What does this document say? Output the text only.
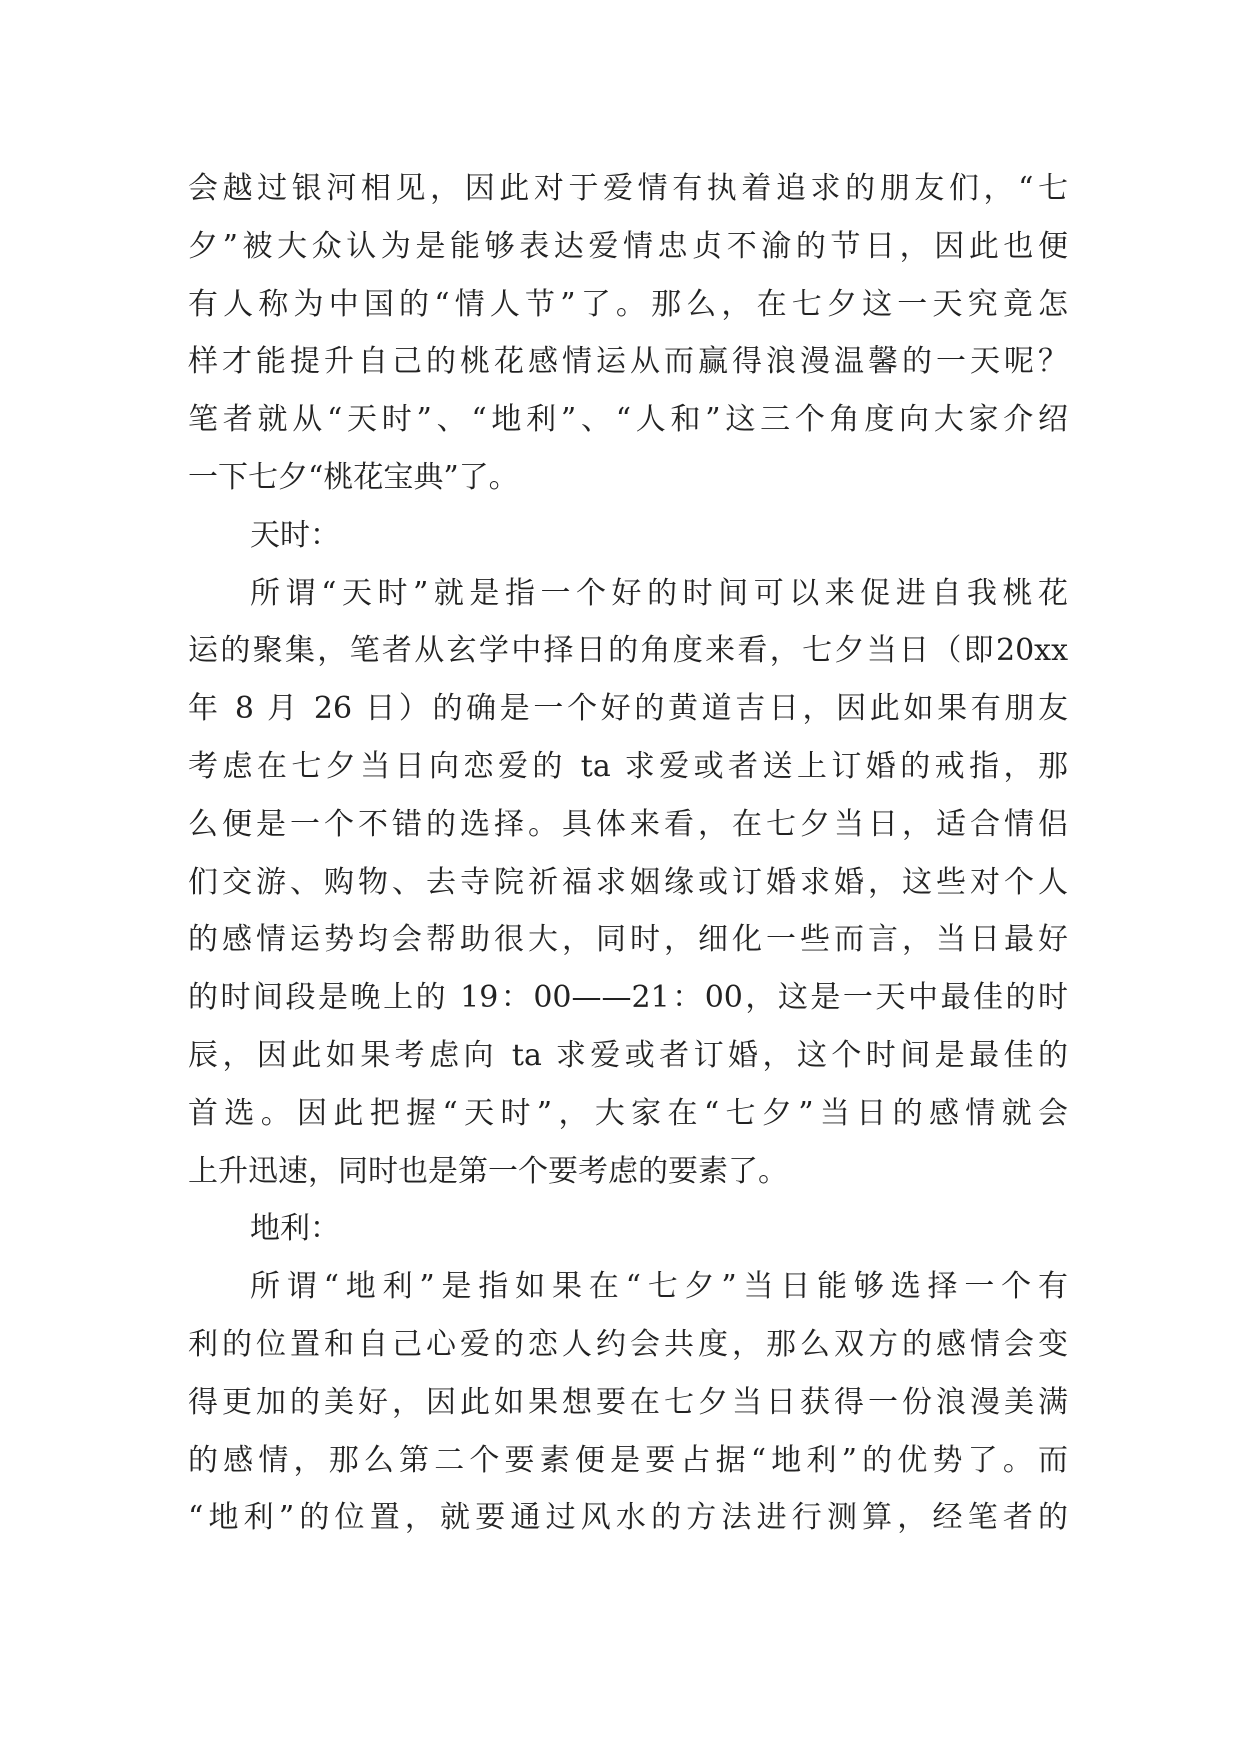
会越过银河相见，因此对于爱情有执着追求的朋友们，“七
夕”被大众认为是能够表达爱情忠贞不渝的节日，因此也便
有人称为中国的“情人节”了。那么，在七夕这一天究竟怎
样才能提升自己的桃花感情运从而赢得浪漫温馨的一天呢？
笔者就从“天时”、“地利”、“人和”这三个角度向大家介绍
一下七夕“桃花宝典”了。
天时：
所谓“天时”就是指一个好的时间可以来促进自我桃花
运的聚集，笔者从玄学中择日的角度来看，七夕当日（即20xx
年 8 月 26 日）的确是一个好的黄道吉日，因此如果有朋友
考虑在七夕当日向恋爱的 ta 求爱或者送上订婚的戒指，那
么便是一个不错的选择。具体来看，在七夕当日，适合情侣
们交游、购物、去寺院祈福求姻缘或订婚求婚，这些对个人
的感情运势均会帮助很大，同时，细化一些而言，当日最好
的时间段是晚上的 19：00——21：00，这是一天中最佳的时
辰，因此如果考虑向 ta 求爱或者订婚，这个时间是最佳的
首选。因此把握“天时”，大家在“七夕”当日的感情就会
上升迅速，同时也是第一个要考虑的要素了。
地利：
所谓“地利”是指如果在“七夕”当日能够选择一个有
利的位置和自己心爱的恋人约会共度，那么双方的感情会变
得更加的美好，因此如果想要在七夕当日获得一份浪漫美满
的感情，那么第二个要素便是要占据“地利”的优势了。而
“地利”的位置，就要通过风水的方法进行测算，经笔者的
